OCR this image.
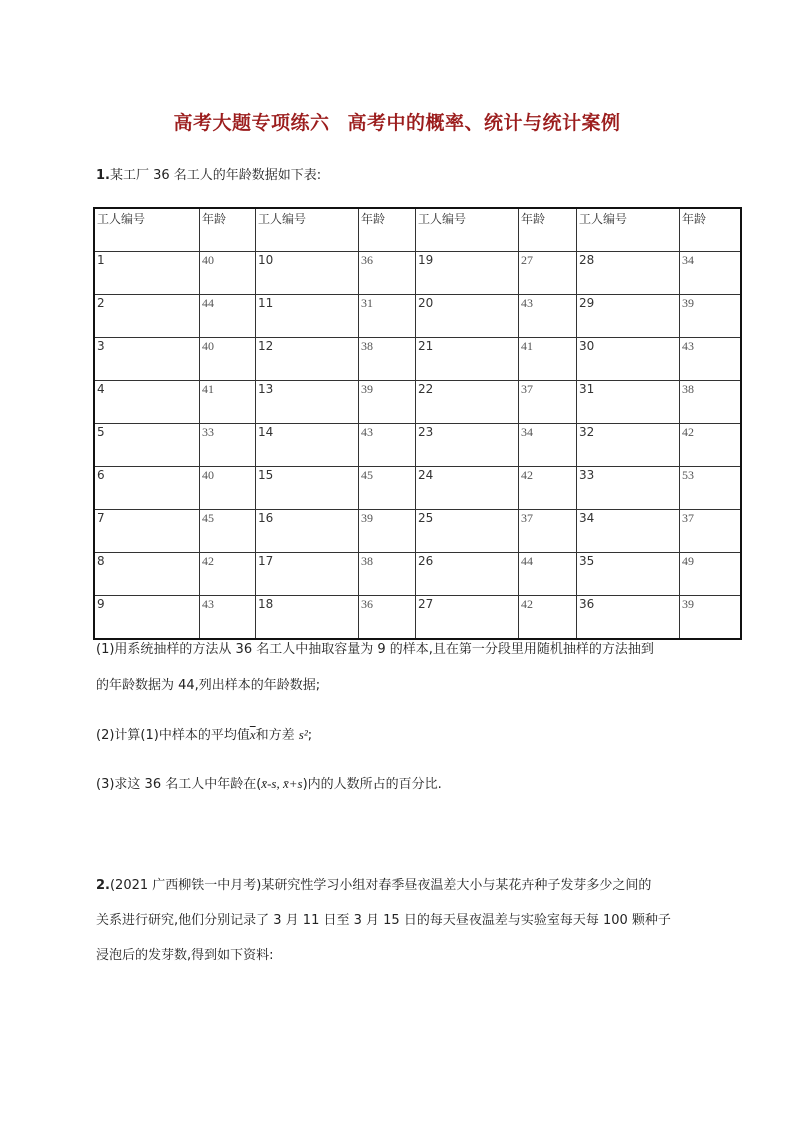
高考大题专项练六 高考中的概率、统计与统计案例
1.某工厂 36 名工人的年龄数据如下表:
工人编号	年龄	工人编号	年龄	工人编号	年龄	工人编号	年龄
1	40	10	36	19	27	28	34
2	44	11	31	20	43	29	39
3	40	12	38	21	41	30	43
4	41	13	39	22	37	31	38
5	33	14	43	23	34	32	42
6	40	15	45	24	42	33	53
7	45	16	39	25	37	34	37
8	42	17	38	26	44	35	49
9	43	18	36	27	42	36	39
(1)用系统抽样的方法从 36 名工人中抽取容量为 9 的样本,且在第一分段里用随机抽样的方法抽到
的年龄数据为 44,列出样本的年龄数据;
(2)计算(1)中样本的平均值$\overline{x}$和方差 s²;
(3)求这 36 名工人中年龄在(x̄-s, x̄+s)内的人数所占的百分比.
2.(2021 广西柳铁一中月考)某研究性学习小组对春季昼夜温差大小与某花卉种子发芽多少之间的
关系进行研究,他们分别记录了 3 月 11 日至 3 月 15 日的每天昼夜温差与实验室每天每 100 颗种子
浸泡后的发芽数,得到如下资料:
